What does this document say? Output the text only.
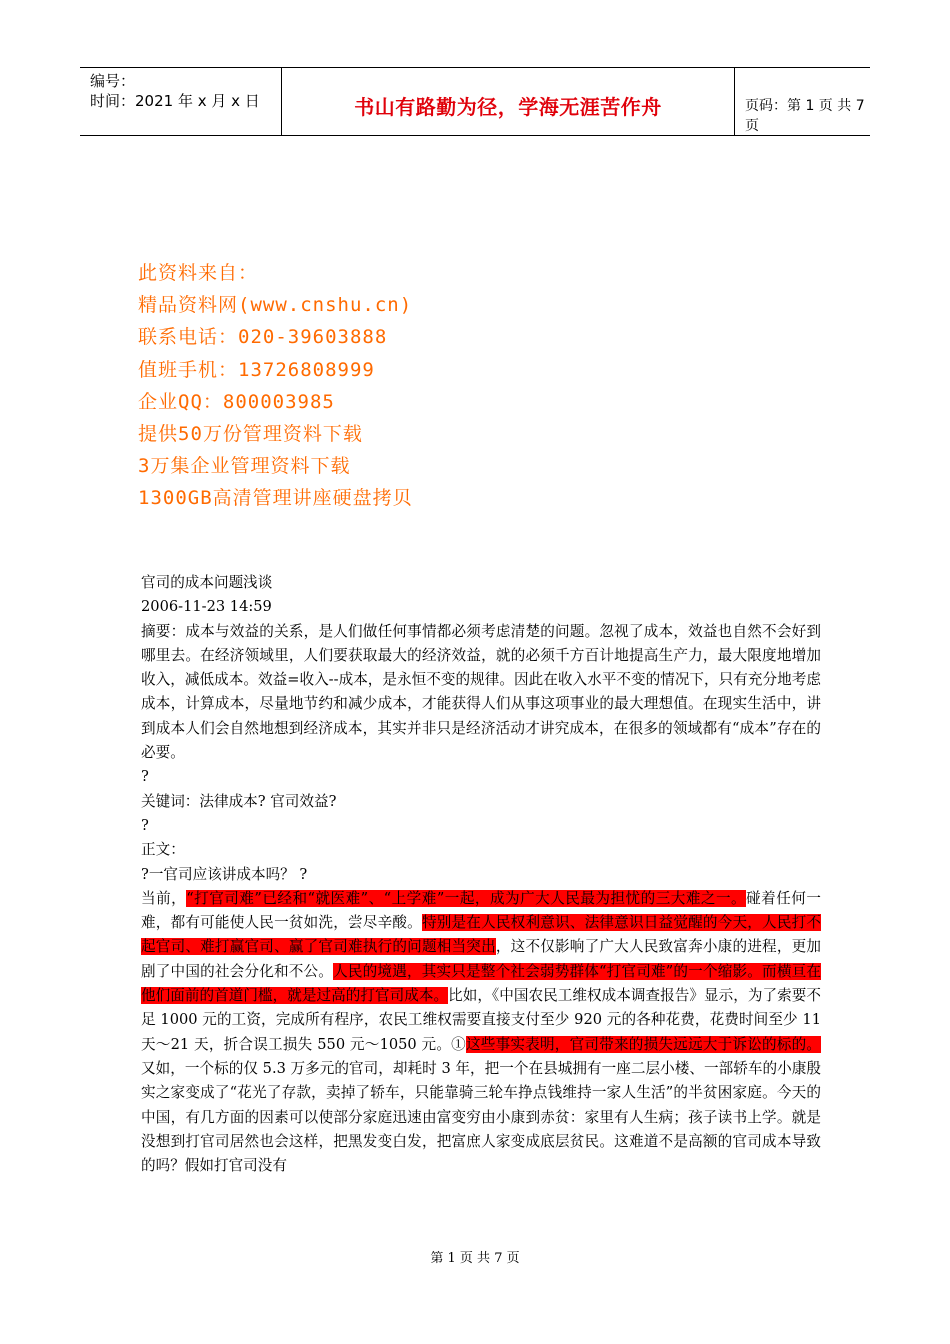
编号：
时间：2021 年 x 月 x 日	书山有路勤为径，学海无涯苦作舟	页码：第 1 页 共 7 页
此资料来自：
精品资料网(www.cnshu.cn)
联系电话：020-39603888
值班手机：13726808999
企业QQ：800003985
提供50万份管理资料下载
3万集企业管理资料下载
1300GB高清管理讲座硬盘拷贝
官司的成本问题浅谈
2006-11-23 14:59
摘要：成本与效益的关系，是人们做任何事情都必须考虑清楚的问题。忽视了成本，效益也自然不会好到哪里去。在经济领域里，人们要获取最大的经济效益，就的必须千方百计地提高生产力，最大限度地增加收入，减低成本。效益=收入--成本，是永恒不变的规律。因此在收入水平不变的情况下，只有充分地考虑成本，计算成本，尽量地节约和减少成本，才能获得人们从事这项事业的最大理想值。在现实生活中，讲到成本人们会自然地想到经济成本，其实并非只是经济活动才讲究成本，在很多的领域都有“成本”存在的必要。
?
关键词：法律成本? 官司效益?
?
正文：
?一官司应该讲成本吗？ ?
当前，“打官司难”已经和“就医难”、“上学难”一起，成为广大人民最为担忧的三大难之一。碰着任何一难，都有可能使人民一贫如洗，尝尽辛酸。特别是在人民权利意识、法律意识日益觉醒的今天，人民打不起官司、难打赢官司、赢了官司难执行的问题相当突出，这不仅影响了广大人民致富奔小康的进程，更加剧了中国的社会分化和不公。人民的境遇，其实只是整个社会弱势群体“打官司难”的一个缩影。而横亘在他们面前的首道门槛，就是过高的打官司成本。比如，《中国农民工维权成本调查报告》显示，为了索要不足 1000 元的工资，完成所有程序，农民工维权需要直接支付至少 920 元的各种花费，花费时间至少 11 天～21 天，折合误工损失 550 元～1050 元。①这些事实表明，官司带来的损失远远大于诉讼的标的。又如，一个标的仅 5.3 万多元的官司，却耗时 3 年，把一个在县城拥有一座二层小楼、一部轿车的小康殷实之家变成了“花光了存款，卖掉了轿车，只能靠骑三轮车挣点钱维持一家人生活”的半贫困家庭。今天的中国，有几方面的因素可以使部分家庭迅速由富变穷由小康到赤贫：家里有人生病；孩子读书上学。就是没想到打官司居然也会这样，把黑发变白发，把富庶人家变成底层贫民。这难道不是高额的官司成本导致的吗？假如打官司没有
第 1 页 共 7 页
